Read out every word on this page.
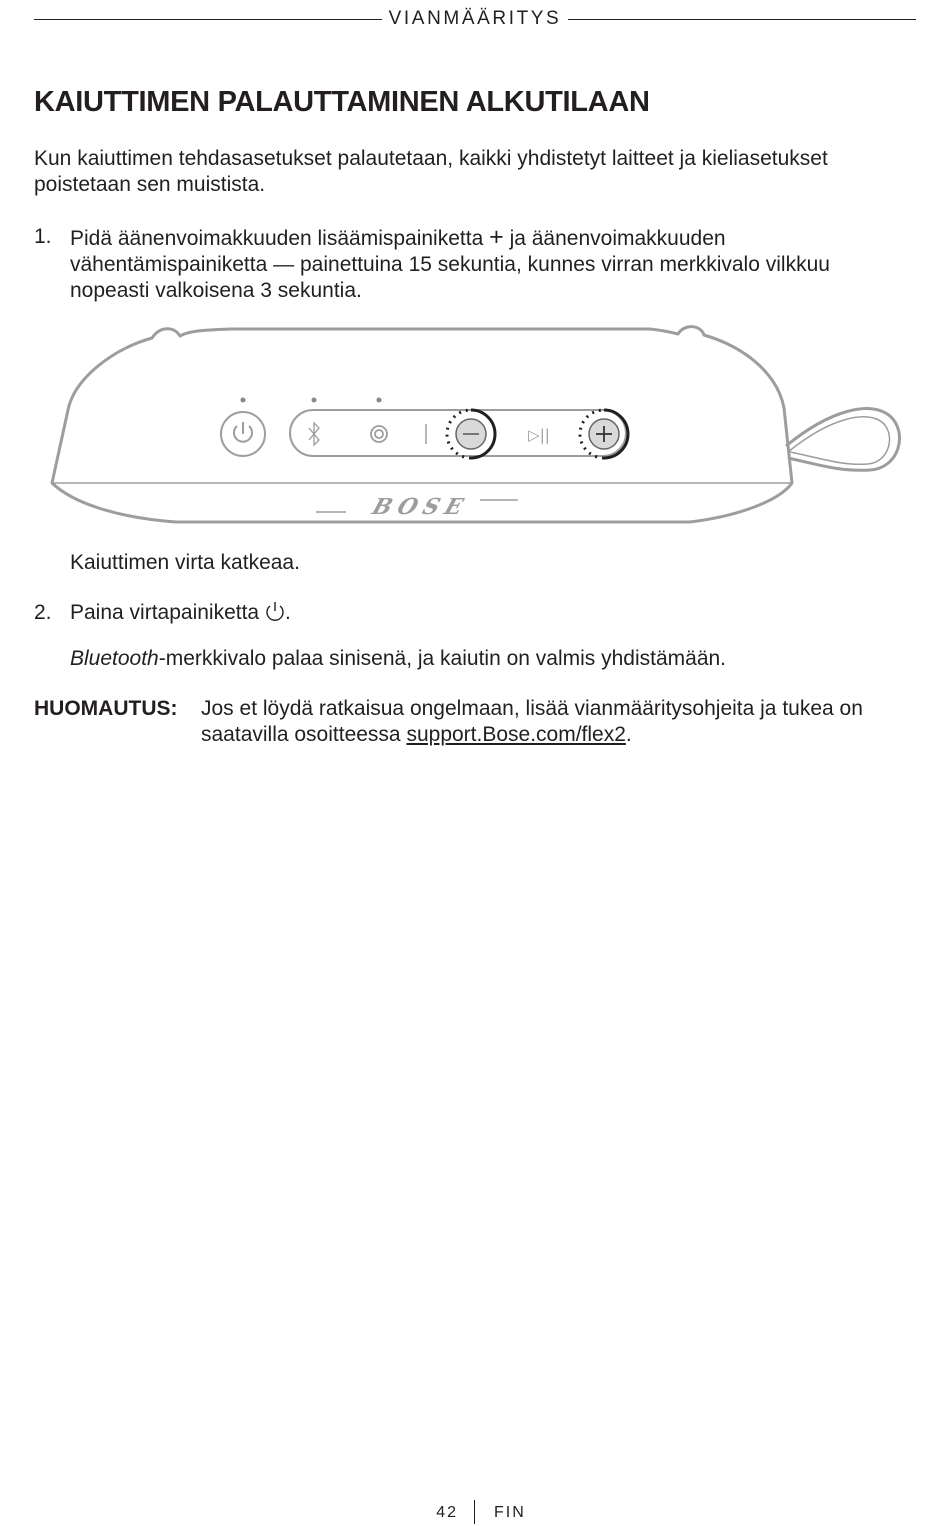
VIANMÄÄRITYS
KAIUTTIMEN PALAUTTAMINEN ALKUTILAAN

Kun kaiuttimen tehdasasetukset palautetaan, kaikki yhdistetyt laitteet ja kieliasetukset poistetaan sen muistista.

1. Pidä äänenvoimakkuuden lisäämispainiketta + ja äänenvoimakkuuden vähentämispainiketta — painettuina 15 sekuntia, kunnes virran merkkivalo vilkkuu nopeasti valkoisena 3 sekuntia.

▷||
BOSE

Kaiuttimen virta katkeaa.

2. Paina virtapainiketta .

Bluetooth-merkkivalo palaa sinisenä, ja kaiutin on valmis yhdistämään.

HUOMAUTUS: Jos et löydä ratkaisua ongelmaan, lisää vianmääritysohjeita ja tukea on saatavilla osoitteessa support.Bose.com/flex2.

42 FIN
